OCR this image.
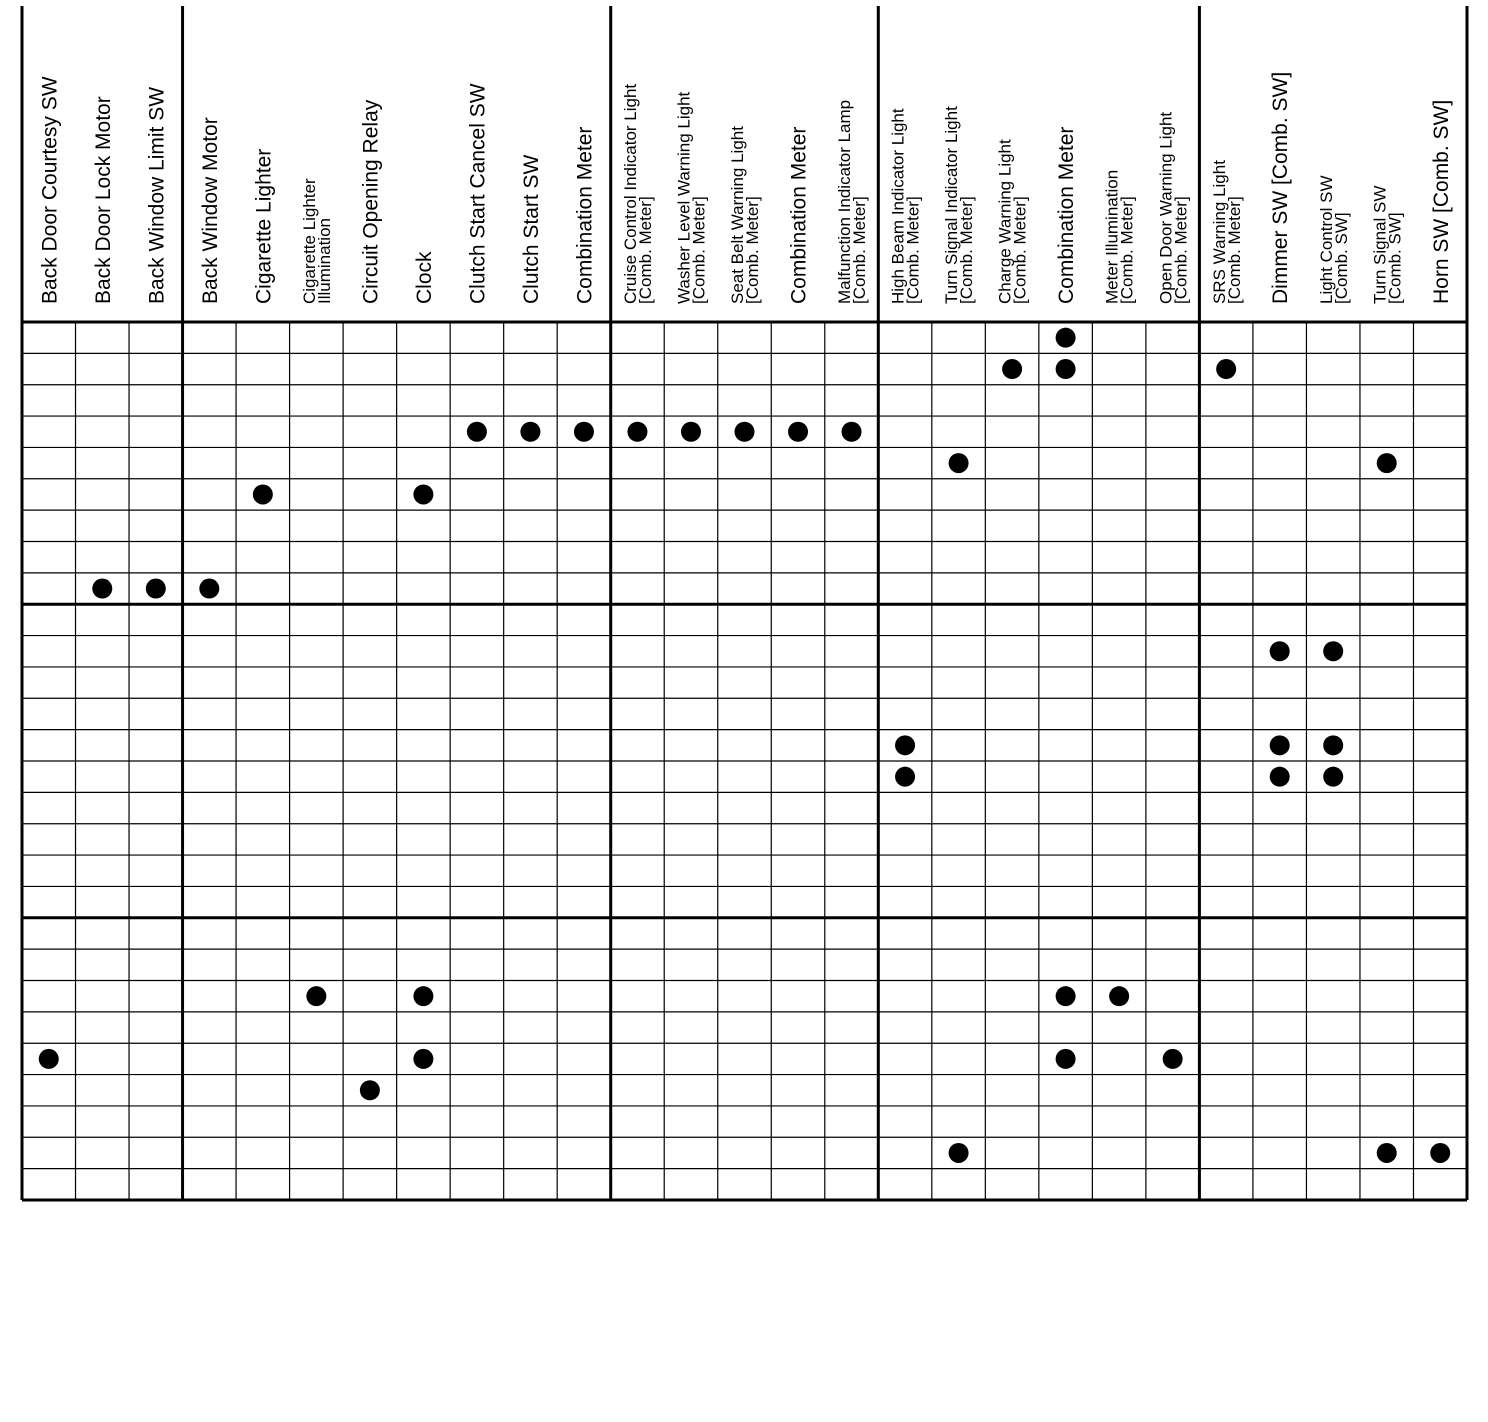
Back Door Courtesy SW Back Door Lock Motor Back Window Limit SW Back Window Motor Cigarette Lighter Cigarette Lighter
Illumination Circuit Opening Relay Clock Clutch Start Cancel SW Clutch Start SW Combination Meter Cruise Control Indicator Light
[Comb. Meter] Washer Level Warning Light
[Comb. Meter] Seat Belt Warning Light
[Comb. Meter] Combination Meter Malfunction Indicator Lamp
[Comb. Meter] High Beam Indicator Light
[Comb. Meter] Turn Signal Indicator Light
[Comb. Meter] Charge Warning Light
[Comb. Meter] Combination Meter Meter Illumination
[Comb. Meter] Open Door Warning Light
[Comb. Meter] SRS Warning Light
[Comb. Meter] Dimmer SW [Comb. SW] Light Control SW
[Comb. SW] Turn Signal SW
[Comb. SW] Horn SW [Comb. SW]
